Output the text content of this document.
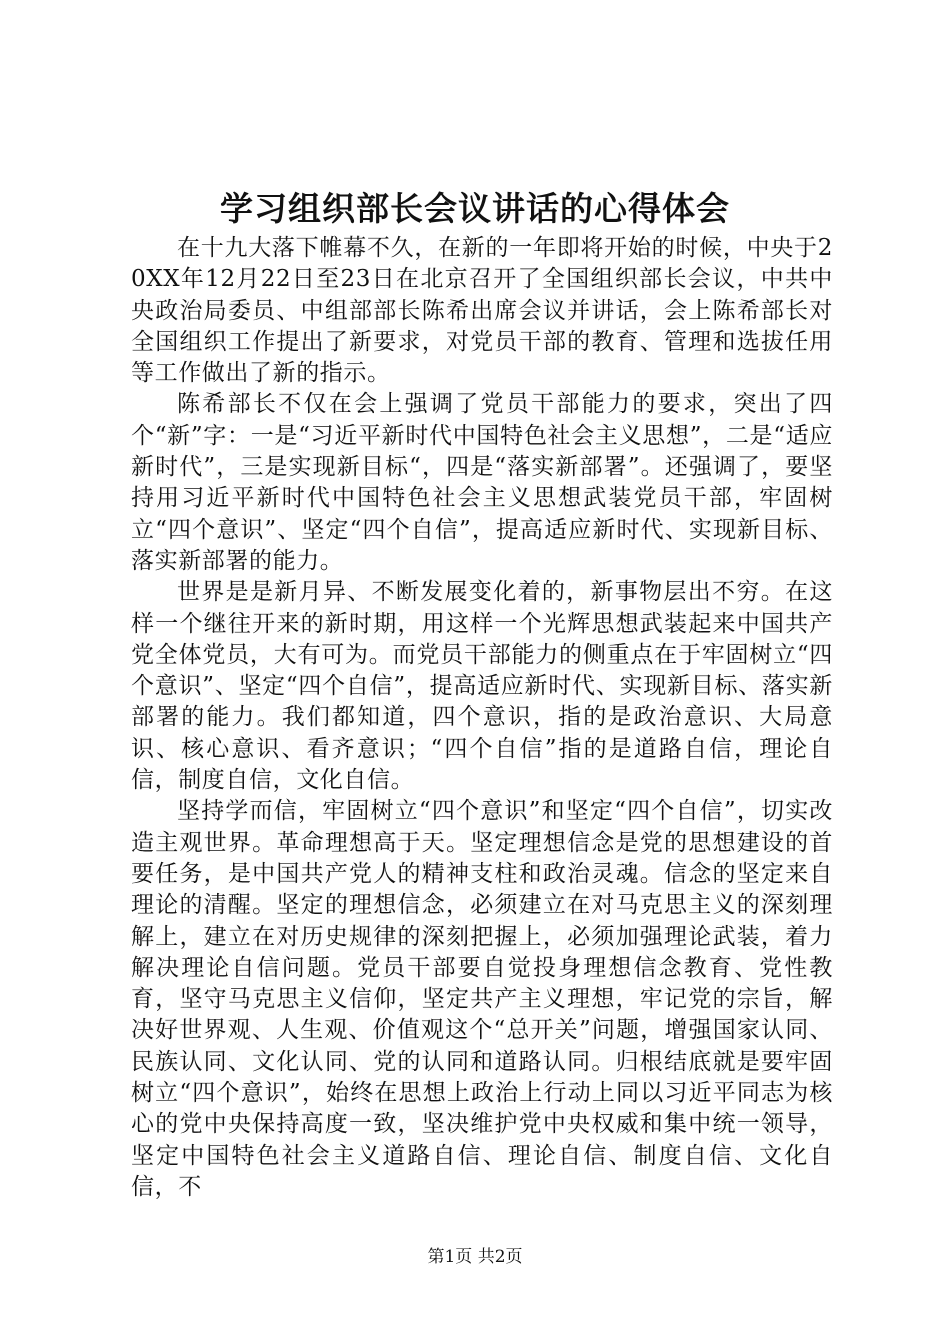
学习组织部长会议讲话的心得体会

在十九大落下帷幕不久，在新的一年即将开始的时候，中央于20XX年12月22日至23日在北京召开了全国组织部长会议，中共中央政治局委员、中组部部长陈希出席会议并讲话，会上陈希部长对全国组织工作提出了新要求，对党员干部的教育、管理和选拔任用等工作做出了新的指示。

陈希部长不仅在会上强调了党员干部能力的要求，突出了四个“新”字：一是“习近平新时代中国特色社会主义思想”，二是“适应新时代”，三是实现新目标“，四是“落实新部署”。还强调了，要坚持用习近平新时代中国特色社会主义思想武装党员干部，牢固树立“四个意识”、坚定“四个自信”，提高适应新时代、实现新目标、落实新部署的能力。

世界是是新月异、不断发展变化着的，新事物层出不穷。在这样一个继往开来的新时期，用这样一个光辉思想武装起来中国共产党全体党员，大有可为。而党员干部能力的侧重点在于牢固树立“四个意识”、坚定“四个自信”，提高适应新时代、实现新目标、落实新部署的能力。我们都知道，四个意识，指的是政治意识、大局意识、核心意识、看齐意识；“四个自信”指的是道路自信，理论自信，制度自信，文化自信。

坚持学而信，牢固树立“四个意识”和坚定“四个自信”，切实改造主观世界。革命理想高于天。坚定理想信念是党的思想建设的首要任务，是中国共产党人的精神支柱和政治灵魂。信念的坚定来自理论的清醒。坚定的理想信念，必须建立在对马克思主义的深刻理解上，建立在对历史规律的深刻把握上，必须加强理论武装，着力解决理论自信问题。党员干部要自觉投身理想信念教育、党性教育，坚守马克思主义信仰，坚定共产主义理想，牢记党的宗旨，解决好世界观、人生观、价值观这个“总开关”问题，增强国家认同、民族认同、文化认同、党的认同和道路认同。归根结底就是要牢固树立“四个意识”，始终在思想上政治上行动上同以习近平同志为核心的党中央保持高度一致，坚决维护党中央权威和集中统一领导，坚定中国特色社会主义道路自信、理论自信、制度自信、文化自信，不

第1页 共2页
